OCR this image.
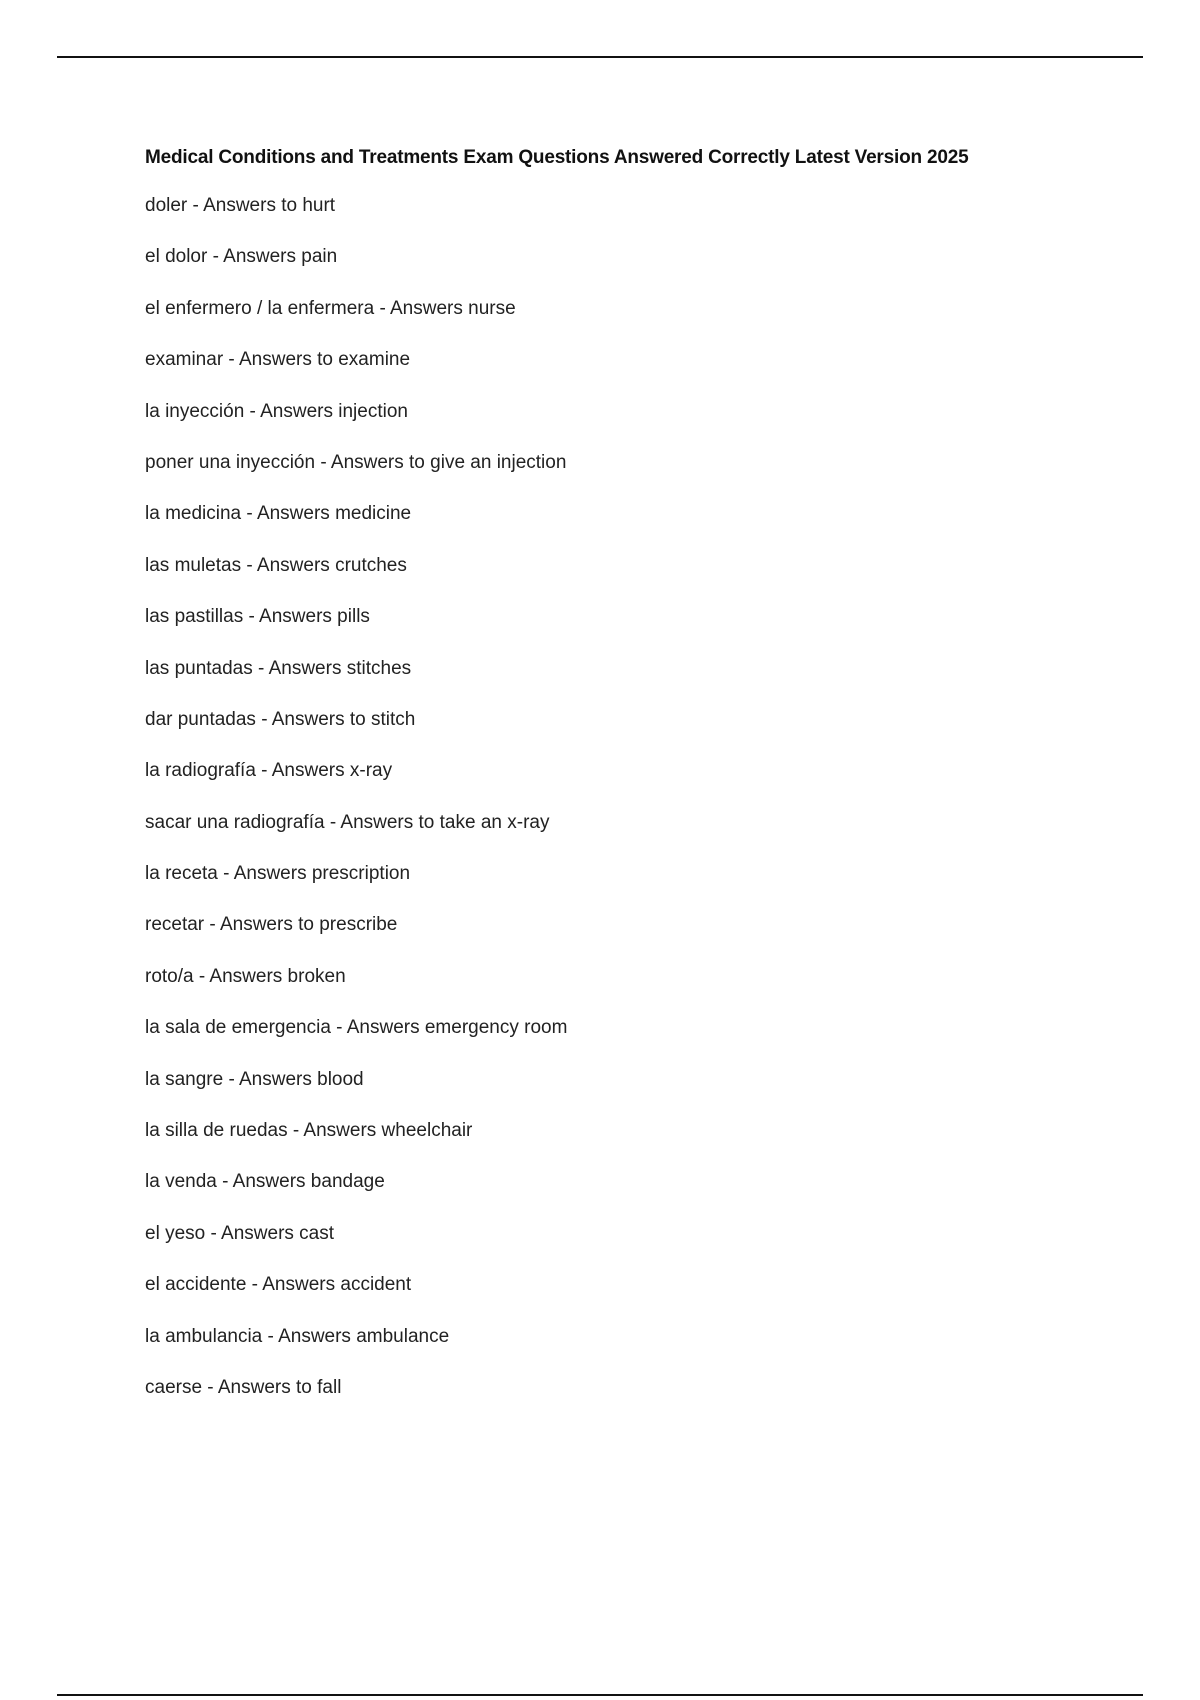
Medical Conditions and Treatments Exam Questions Answered Correctly Latest Version 2025
doler - Answers to hurt
el dolor - Answers pain
el enfermero / la enfermera - Answers nurse
examinar - Answers to examine
la inyección - Answers injection
poner una inyección - Answers to give an injection
la medicina - Answers medicine
las muletas - Answers crutches
las pastillas - Answers pills
las puntadas - Answers stitches
dar puntadas - Answers to stitch
la radiografía - Answers x-ray
sacar una radiografía - Answers to take an x-ray
la receta - Answers prescription
recetar - Answers to prescribe
roto/a - Answers broken
la sala de emergencia - Answers emergency room
la sangre - Answers blood
la silla de ruedas - Answers wheelchair
la venda - Answers bandage
el yeso - Answers cast
el accidente - Answers accident
la ambulancia - Answers ambulance
caerse - Answers to fall
